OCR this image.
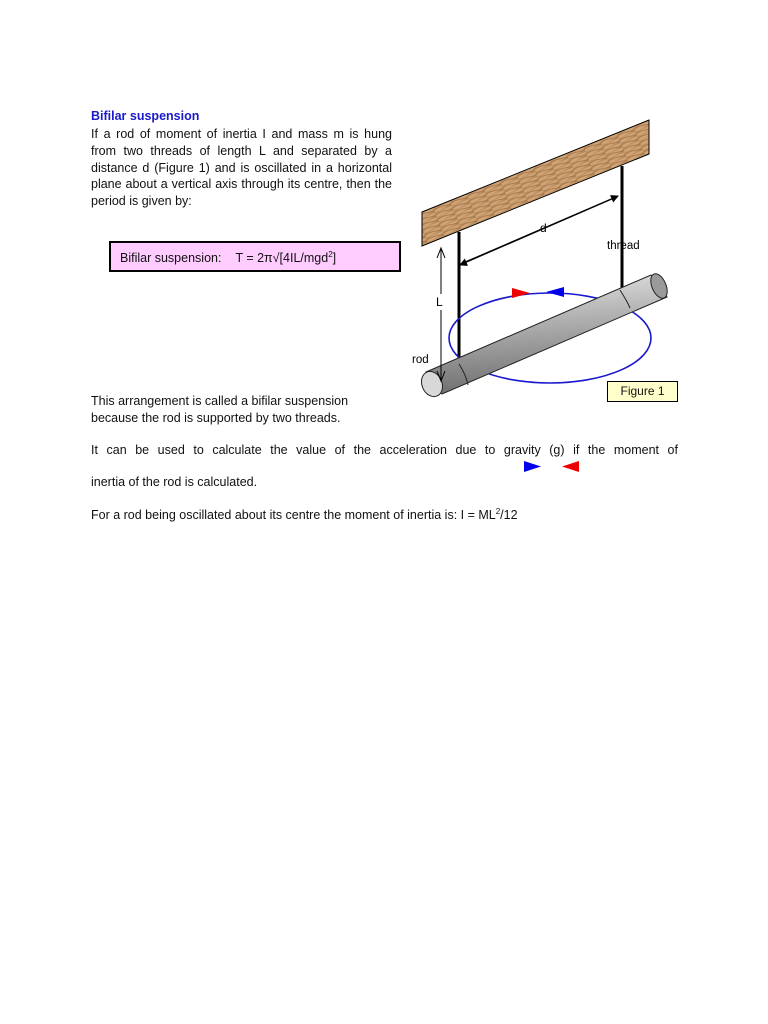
Bifilar suspension
If a rod of moment of inertia I and mass m is hung from two threads of length L and separated by a distance d (Figure 1) and is oscillated in a horizontal plane about a vertical axis through its centre, then the period is given by:
Bifilar suspension: T = 2π√[4IL/mgd$^2$]
d
thread
L
rod
Figure 1
This arrangement is called a bifilar suspension because the rod is supported by two threads.
It can be used to calculate the value of the acceleration due to gravity (g) if the moment of
inertia of the rod is calculated.
For a rod being oscillated about its centre the moment of inertia is: $I = ML^2/12$
